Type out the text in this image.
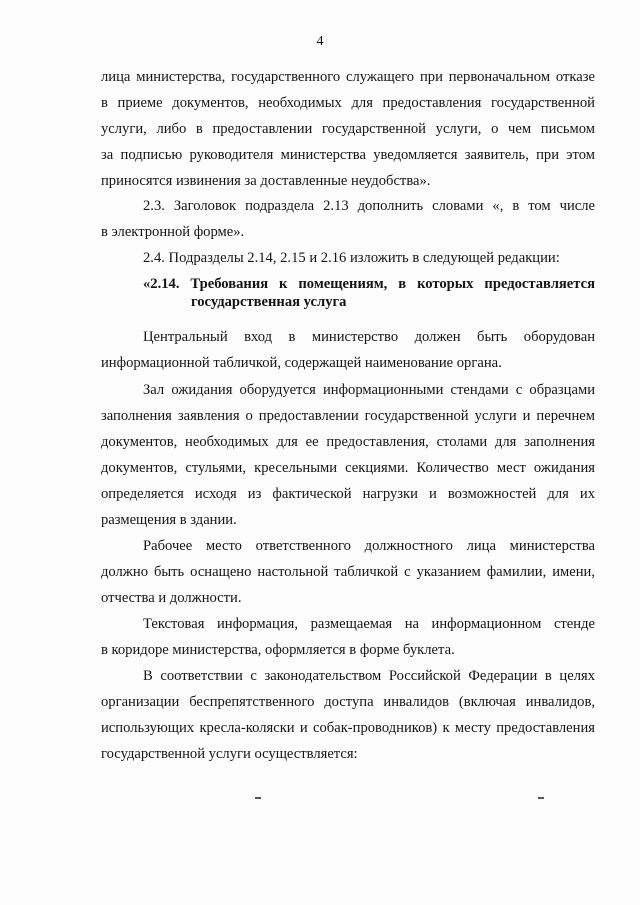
4
лица министерства, государственного служащего при первоначальном отказе
в приеме документов, необходимых для предоставления государственной
услуги, либо в предоставлении государственной услуги, о чем письмом
за подписью руководителя министерства уведомляется заявитель, при этом
приносятся извинения за доставленные неудобства».
2.3. Заголовок подраздела 2.13 дополнить словами «, в том числе
в электронной форме».
2.4. Подразделы 2.14, 2.15 и 2.16 изложить в следующей редакции:
«2.14. Требования к помещениям, в которых предоставляется
государственная услуга
Центральный вход в министерство должен быть оборудован
информационной табличкой, содержащей наименование органа.
Зал ожидания оборудуется информационными стендами с образцами
заполнения заявления о предоставлении государственной услуги и перечнем
документов, необходимых для ее предоставления, столами для заполнения
документов, стульями, кресельными секциями. Количество мест ожидания
определяется исходя из фактической нагрузки и возможностей для их
размещения в здании.
Рабочее место ответственного должностного лица министерства
должно быть оснащено настольной табличкой с указанием фамилии, имени,
отчества и должности.
Текстовая информация, размещаемая на информационном стенде
в коридоре министерства, оформляется в форме буклета.
В соответствии с законодательством Российской Федерации в целях
организации беспрепятственного доступа инвалидов (включая инвалидов,
использующих кресла-коляски и собак-проводников) к месту предоставления
государственной услуги осуществляется:
